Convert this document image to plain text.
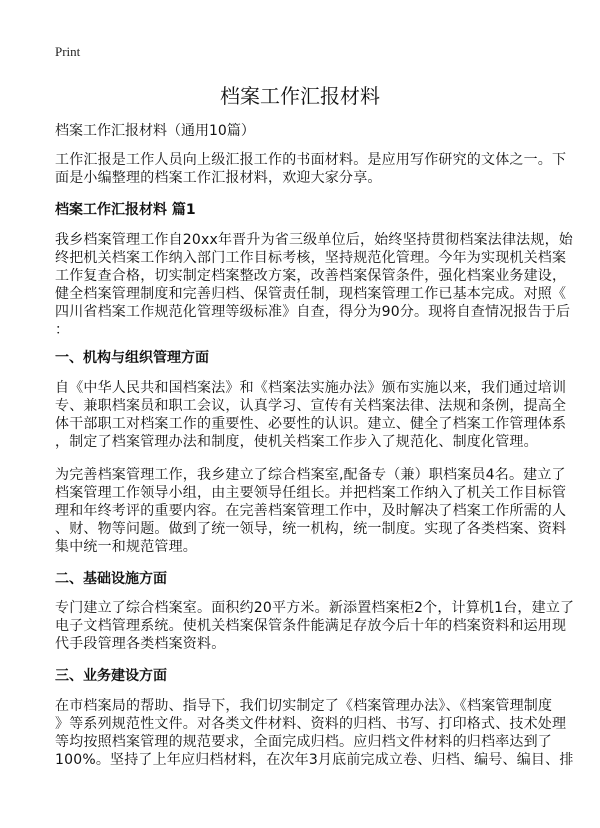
Print
档案工作汇报材料
档案工作汇报材料（通用10篇）
工作汇报是工作人员向上级汇报工作的书面材料。是应用写作研究的文体之一。下
面是小编整理的档案工作汇报材料，欢迎大家分享。
档案工作汇报材料 篇1
我乡档案管理工作自20xx年晋升为省三级单位后，始终坚持贯彻档案法律法规，始
终把机关档案工作纳入部门工作目标考核，坚持规范化管理。今年为实现机关档案
工作复查合格，切实制定档案整改方案，改善档案保管条件，强化档案业务建设，
健全档案管理制度和完善归档、保管责任制，现档案管理工作已基本完成。对照《
四川省档案工作规范化管理等级标准》自查，得分为90分。现将自查情况报告于后
：
一、机构与组织管理方面
自《中华人民共和国档案法》和《档案法实施办法》颁布实施以来，我们通过培训
专、兼职档案员和职工会议，认真学习、宣传有关档案法律、法规和条例，提高全
体干部职工对档案工作的重要性、必要性的认识。建立、健全了档案工作管理体系
，制定了档案管理办法和制度，使机关档案工作步入了规范化、制度化管理。
为完善档案管理工作，我乡建立了综合档案室,配备专（兼）职档案员4名。建立了
档案管理工作领导小组，由主要领导任组长。并把档案工作纳入了机关工作目标管
理和年终考评的重要内容。在完善档案管理工作中，及时解决了档案工作所需的人
、财、物等问题。做到了统一领导，统一机构，统一制度。实现了各类档案、资料
集中统一和规范管理。
二、基础设施方面
专门建立了综合档案室。面积约20平方米。新添置档案柜2个，计算机1台，建立了
电子文档管理系统。使机关档案保管条件能满足存放今后十年的档案资料和运用现
代手段管理各类档案资料。
三、业务建设方面
在市档案局的帮助、指导下，我们切实制定了《档案管理办法》、《档案管理制度
》等系列规范性文件。对各类文件材料、资料的归档、书写、打印格式、技术处理
等均按照档案管理的规范要求，全面完成归档。应归档文件材料的归档率达到了
100%。坚持了上年应归档材料，在次年3月底前完成立卷、归档、编号、编目、排
